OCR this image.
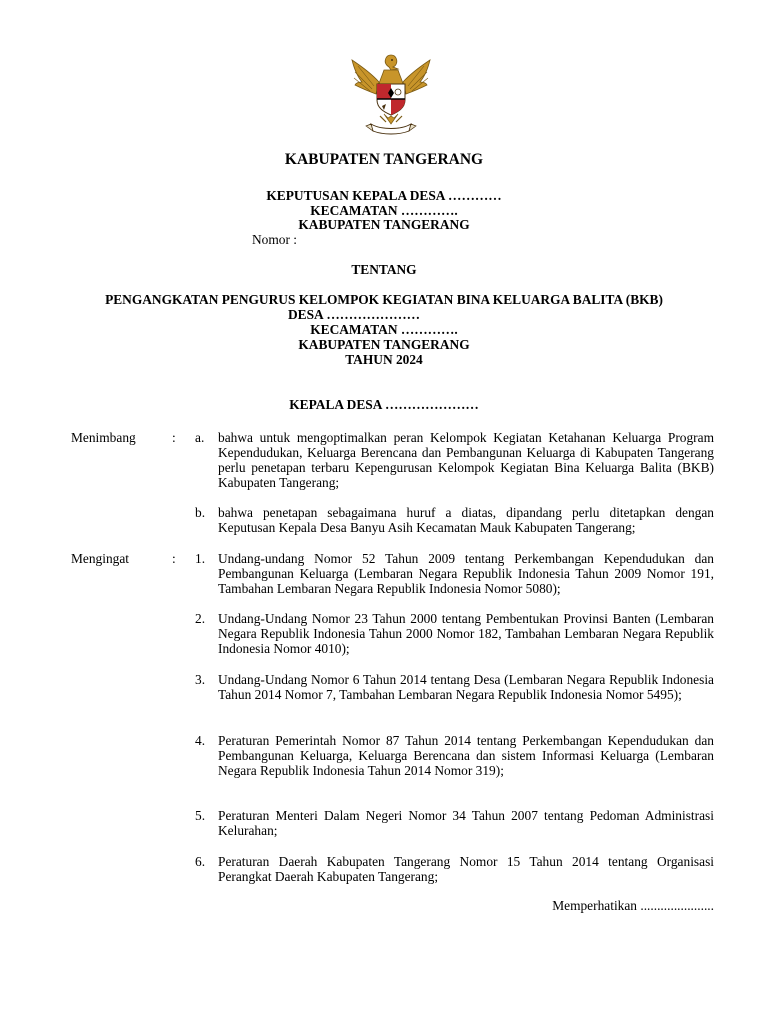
KABUPATEN TANGERANG
KEPUTUSAN KEPALA DESA …………
KECAMATAN ………….
KABUPATEN TANGERANG
Nomor :
TENTANG
PENGANGKATAN PENGURUS KELOMPOK KEGIATAN BINA KELUARGA BALITA (BKB)
DESA …………………
KECAMATAN ………….
KABUPATEN TANGERANG
TAHUN 2024
KEPALA DESA …………………
Menimbang	: a. bahwa untuk mengoptimalkan peran Kelompok Kegiatan Ketahanan Keluarga Program Kependudukan, Keluarga Berencana dan Pembangunan Keluarga di Kabupaten Tangerang perlu penetapan terbaru Kepengurusan Kelompok Kegiatan Bina Keluarga Balita (BKB) Kabupaten Tangerang;
b. bahwa penetapan sebagaimana huruf a diatas, dipandang perlu ditetapkan dengan Keputusan Kepala Desa Banyu Asih Kecamatan Mauk Kabupaten Tangerang;
Mengingat	: 1. Undang-undang Nomor 52 Tahun 2009 tentang Perkembangan Kependudukan dan Pembangunan Keluarga (Lembaran Negara Republik Indonesia Tahun 2009 Nomor 191, Tambahan Lembaran Negara Republik Indonesia Nomor 5080);
2. Undang-Undang Nomor 23 Tahun 2000 tentang Pembentukan Provinsi Banten (Lembaran Negara Republik Indonesia Tahun 2000 Nomor 182, Tambahan Lembaran Negara Republik Indonesia Nomor 4010);
3. Undang-Undang Nomor 6 Tahun 2014 tentang Desa (Lembaran Negara Republik Indonesia Tahun 2014 Nomor 7, Tambahan Lembaran Negara Republik Indonesia Nomor 5495);
4. Peraturan Pemerintah Nomor 87 Tahun 2014 tentang Perkembangan Kependudukan dan Pembangunan Keluarga, Keluarga Berencana dan sistem Informasi Keluarga (Lembaran Negara Republik Indonesia Tahun 2014 Nomor 319);
5. Peraturan Menteri Dalam Negeri Nomor 34 Tahun 2007 tentang Pedoman Administrasi Kelurahan;
6. Peraturan Daerah Kabupaten Tangerang Nomor 15 Tahun 2014 tentang Organisasi Perangkat Daerah Kabupaten Tangerang;
Memperhatikan ......................
